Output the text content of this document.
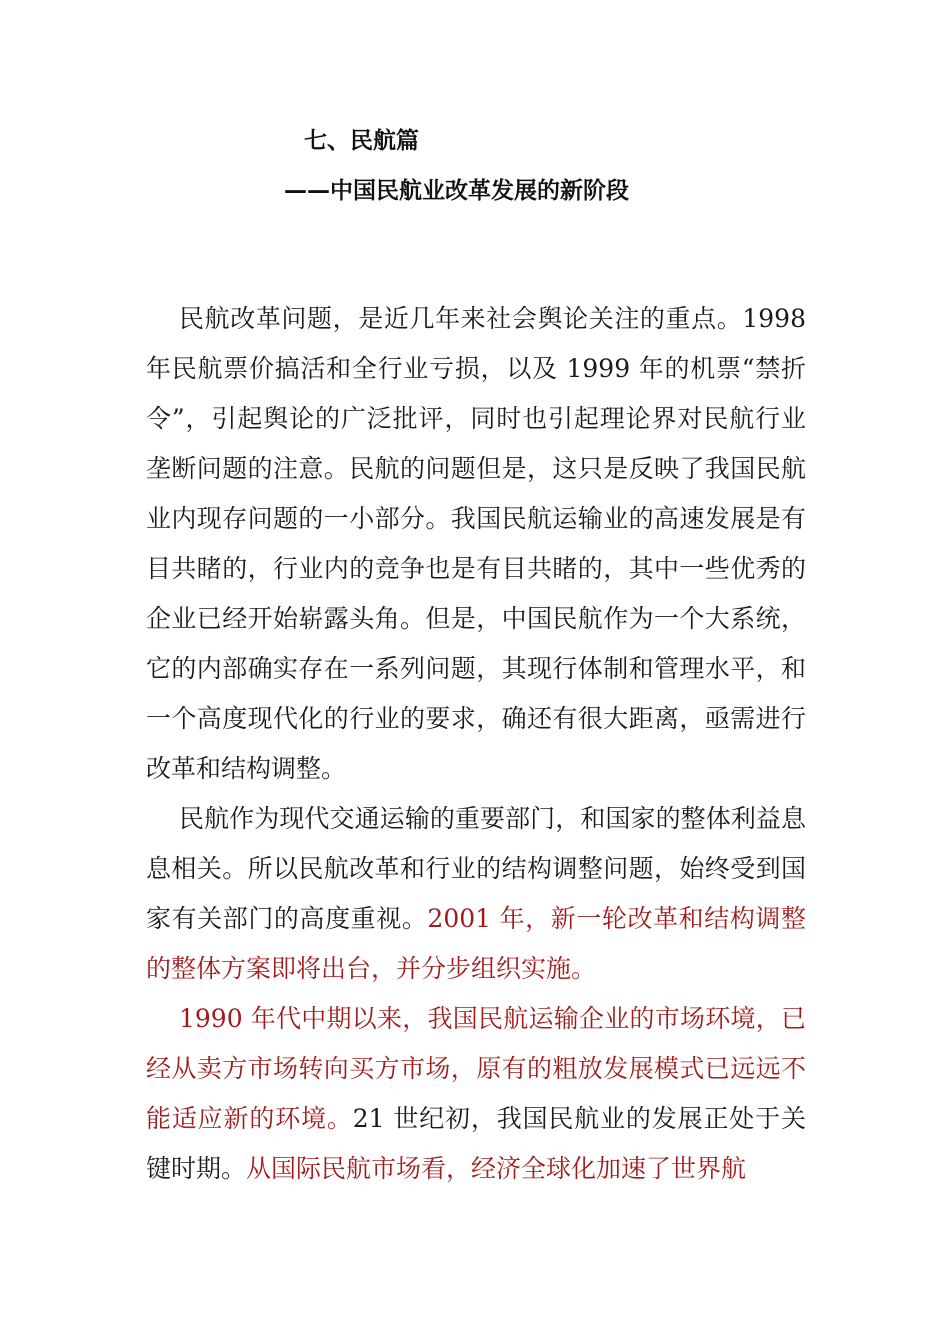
七、民航篇
——中国民航业改革发展的新阶段

民航改革问题，是近几年来社会舆论关注的重点。1998年民航票价搞活和全行业亏损，以及 1999 年的机票“禁折令”，引起舆论的广泛批评，同时也引起理论界对民航行业垄断问题的注意。民航的问题但是，这只是反映了我国民航业内现存问题的一小部分。我国民航运输业的高速发展是有目共睹的，行业内的竞争也是有目共睹的，其中一些优秀的企业已经开始崭露头角。但是，中国民航作为一个大系统，它的内部确实存在一系列问题，其现行体制和管理水平，和一个高度现代化的行业的要求，确还有很大距离，亟需进行改革和结构调整。

民航作为现代交通运输的重要部门，和国家的整体利益息息相关。所以民航改革和行业的结构调整问题，始终受到国家有关部门的高度重视。2001 年，新一轮改革和结构调整的整体方案即将出台，并分步组织实施。

1990 年代中期以来，我国民航运输企业的市场环境，已经从卖方市场转向买方市场，原有的粗放发展模式已远远不能适应新的环境。21 世纪初，我国民航业的发展正处于关键时期。从国际民航市场看，经济全球化加速了世界航
